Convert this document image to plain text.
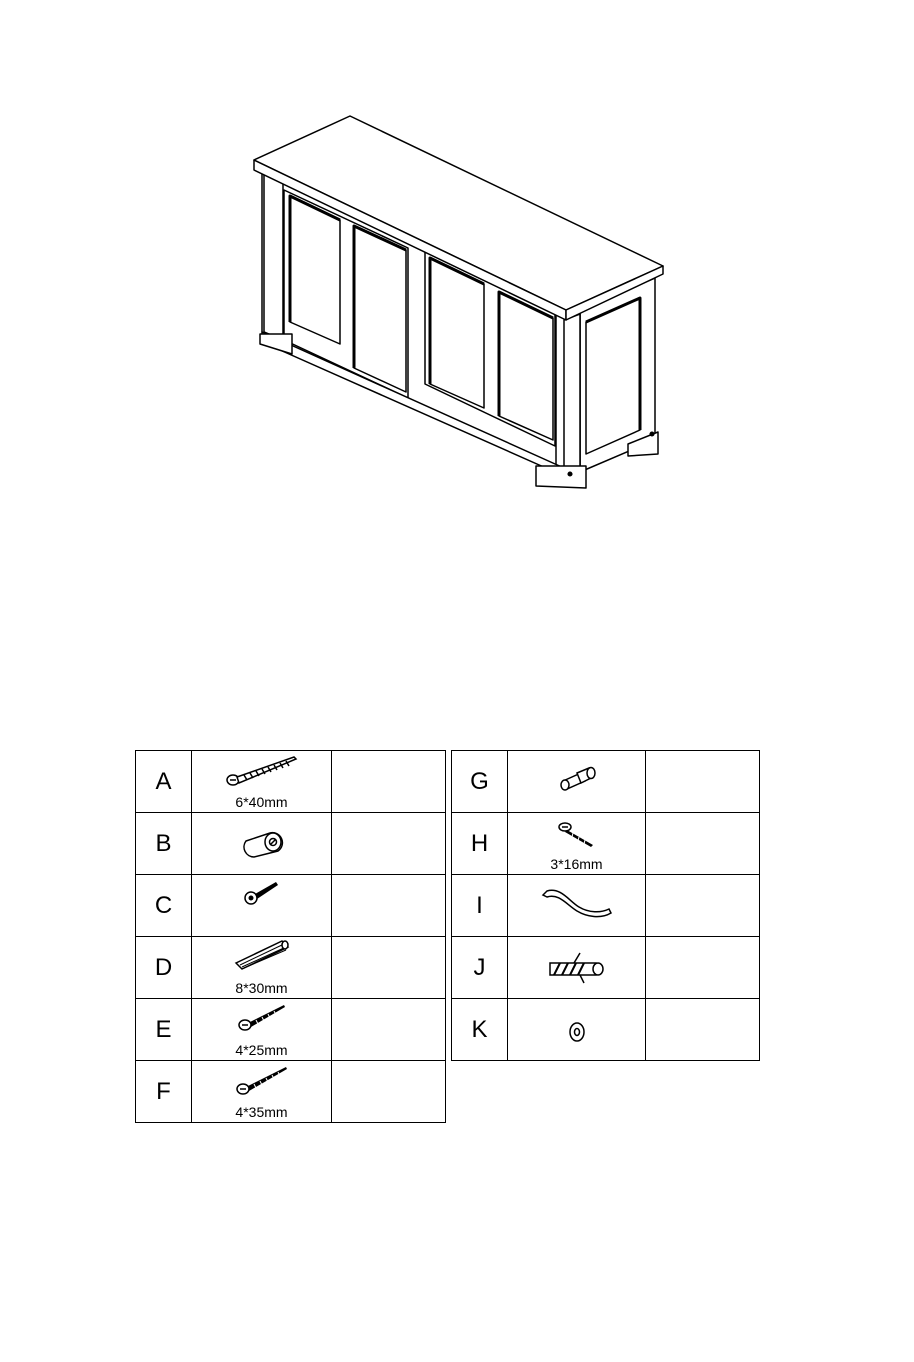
A	6*40mm	

B	

C	

D	8*30mm	

E	4*25mm	

F	4*35mm	

G	

H	3*16mm	

I	

J	

K	
